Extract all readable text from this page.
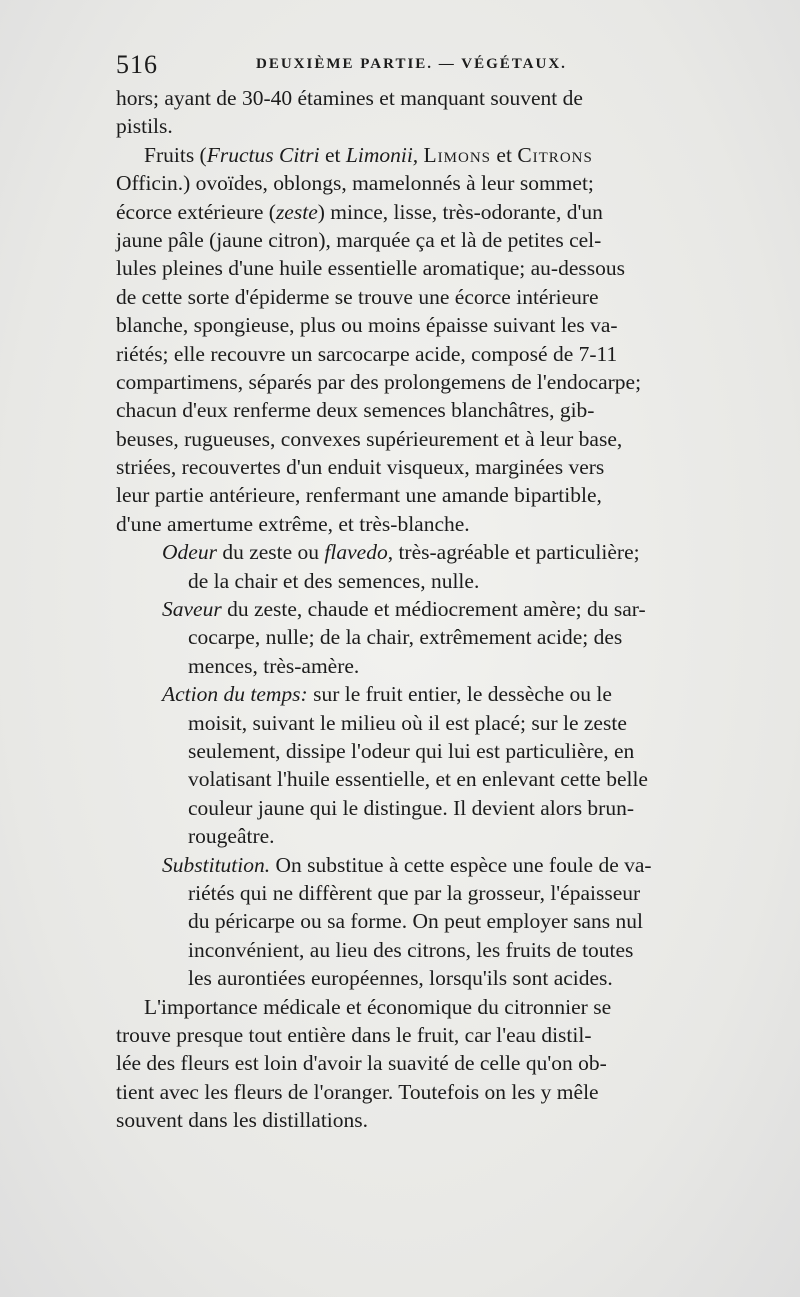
516	DEUXIÈME PARTIE. — VÉGÉTAUX.
hors; ayant de 30-40 étamines et manquant souvent de
pistils.
Fruits (Fructus Citri et Limonii, Limons et Citrons
Officin.) ovoïdes, oblongs, mamelonnés à leur sommet;
écorce extérieure (zeste) mince, lisse, très-odorante, d'un
jaune pâle (jaune citron), marquée ça et là de petites cel-
lules pleines d'une huile essentielle aromatique; au-dessous
de cette sorte d'épiderme se trouve une écorce intérieure
blanche, spongieuse, plus ou moins épaisse suivant les va-
riétés; elle recouvre un sarcocarpe acide, composé de 7-11
compartimens, séparés par des prolongemens de l'endocarpe;
chacun d'eux renferme deux semences blanchâtres, gib-
beuses, rugueuses, convexes supérieurement et à leur base,
striées, recouvertes d'un enduit visqueux, marginées vers
leur partie antérieure, renfermant une amande bipartible,
d'une amertume extrême, et très-blanche.
Odeur du zeste ou flavedo, très-agréable et particulière;
de la chair et des semences, nulle.
Saveur du zeste, chaude et médiocrement amère; du sar-
cocarpe, nulle; de la chair, extrêmement acide; des
mences, très-amère.
Action du temps: sur le fruit entier, le dessèche ou le
moisit, suivant le milieu où il est placé; sur le zeste
seulement, dissipe l'odeur qui lui est particulière, en
volatisant l'huile essentielle, et en enlevant cette belle
couleur jaune qui le distingue. Il devient alors brun-
rougeâtre.
Substitution. On substitue à cette espèce une foule de va-
riétés qui ne diffèrent que par la grosseur, l'épaisseur
du péricarpe ou sa forme. On peut employer sans nul
inconvénient, au lieu des citrons, les fruits de toutes
les aurontiées européennes, lorsqu'ils sont acides.
L'importance médicale et économique du citronnier se
trouve presque tout entière dans le fruit, car l'eau distil-
lée des fleurs est loin d'avoir la suavité de celle qu'on ob-
tient avec les fleurs de l'oranger. Toutefois on les y mêle
souvent dans les distillations.
